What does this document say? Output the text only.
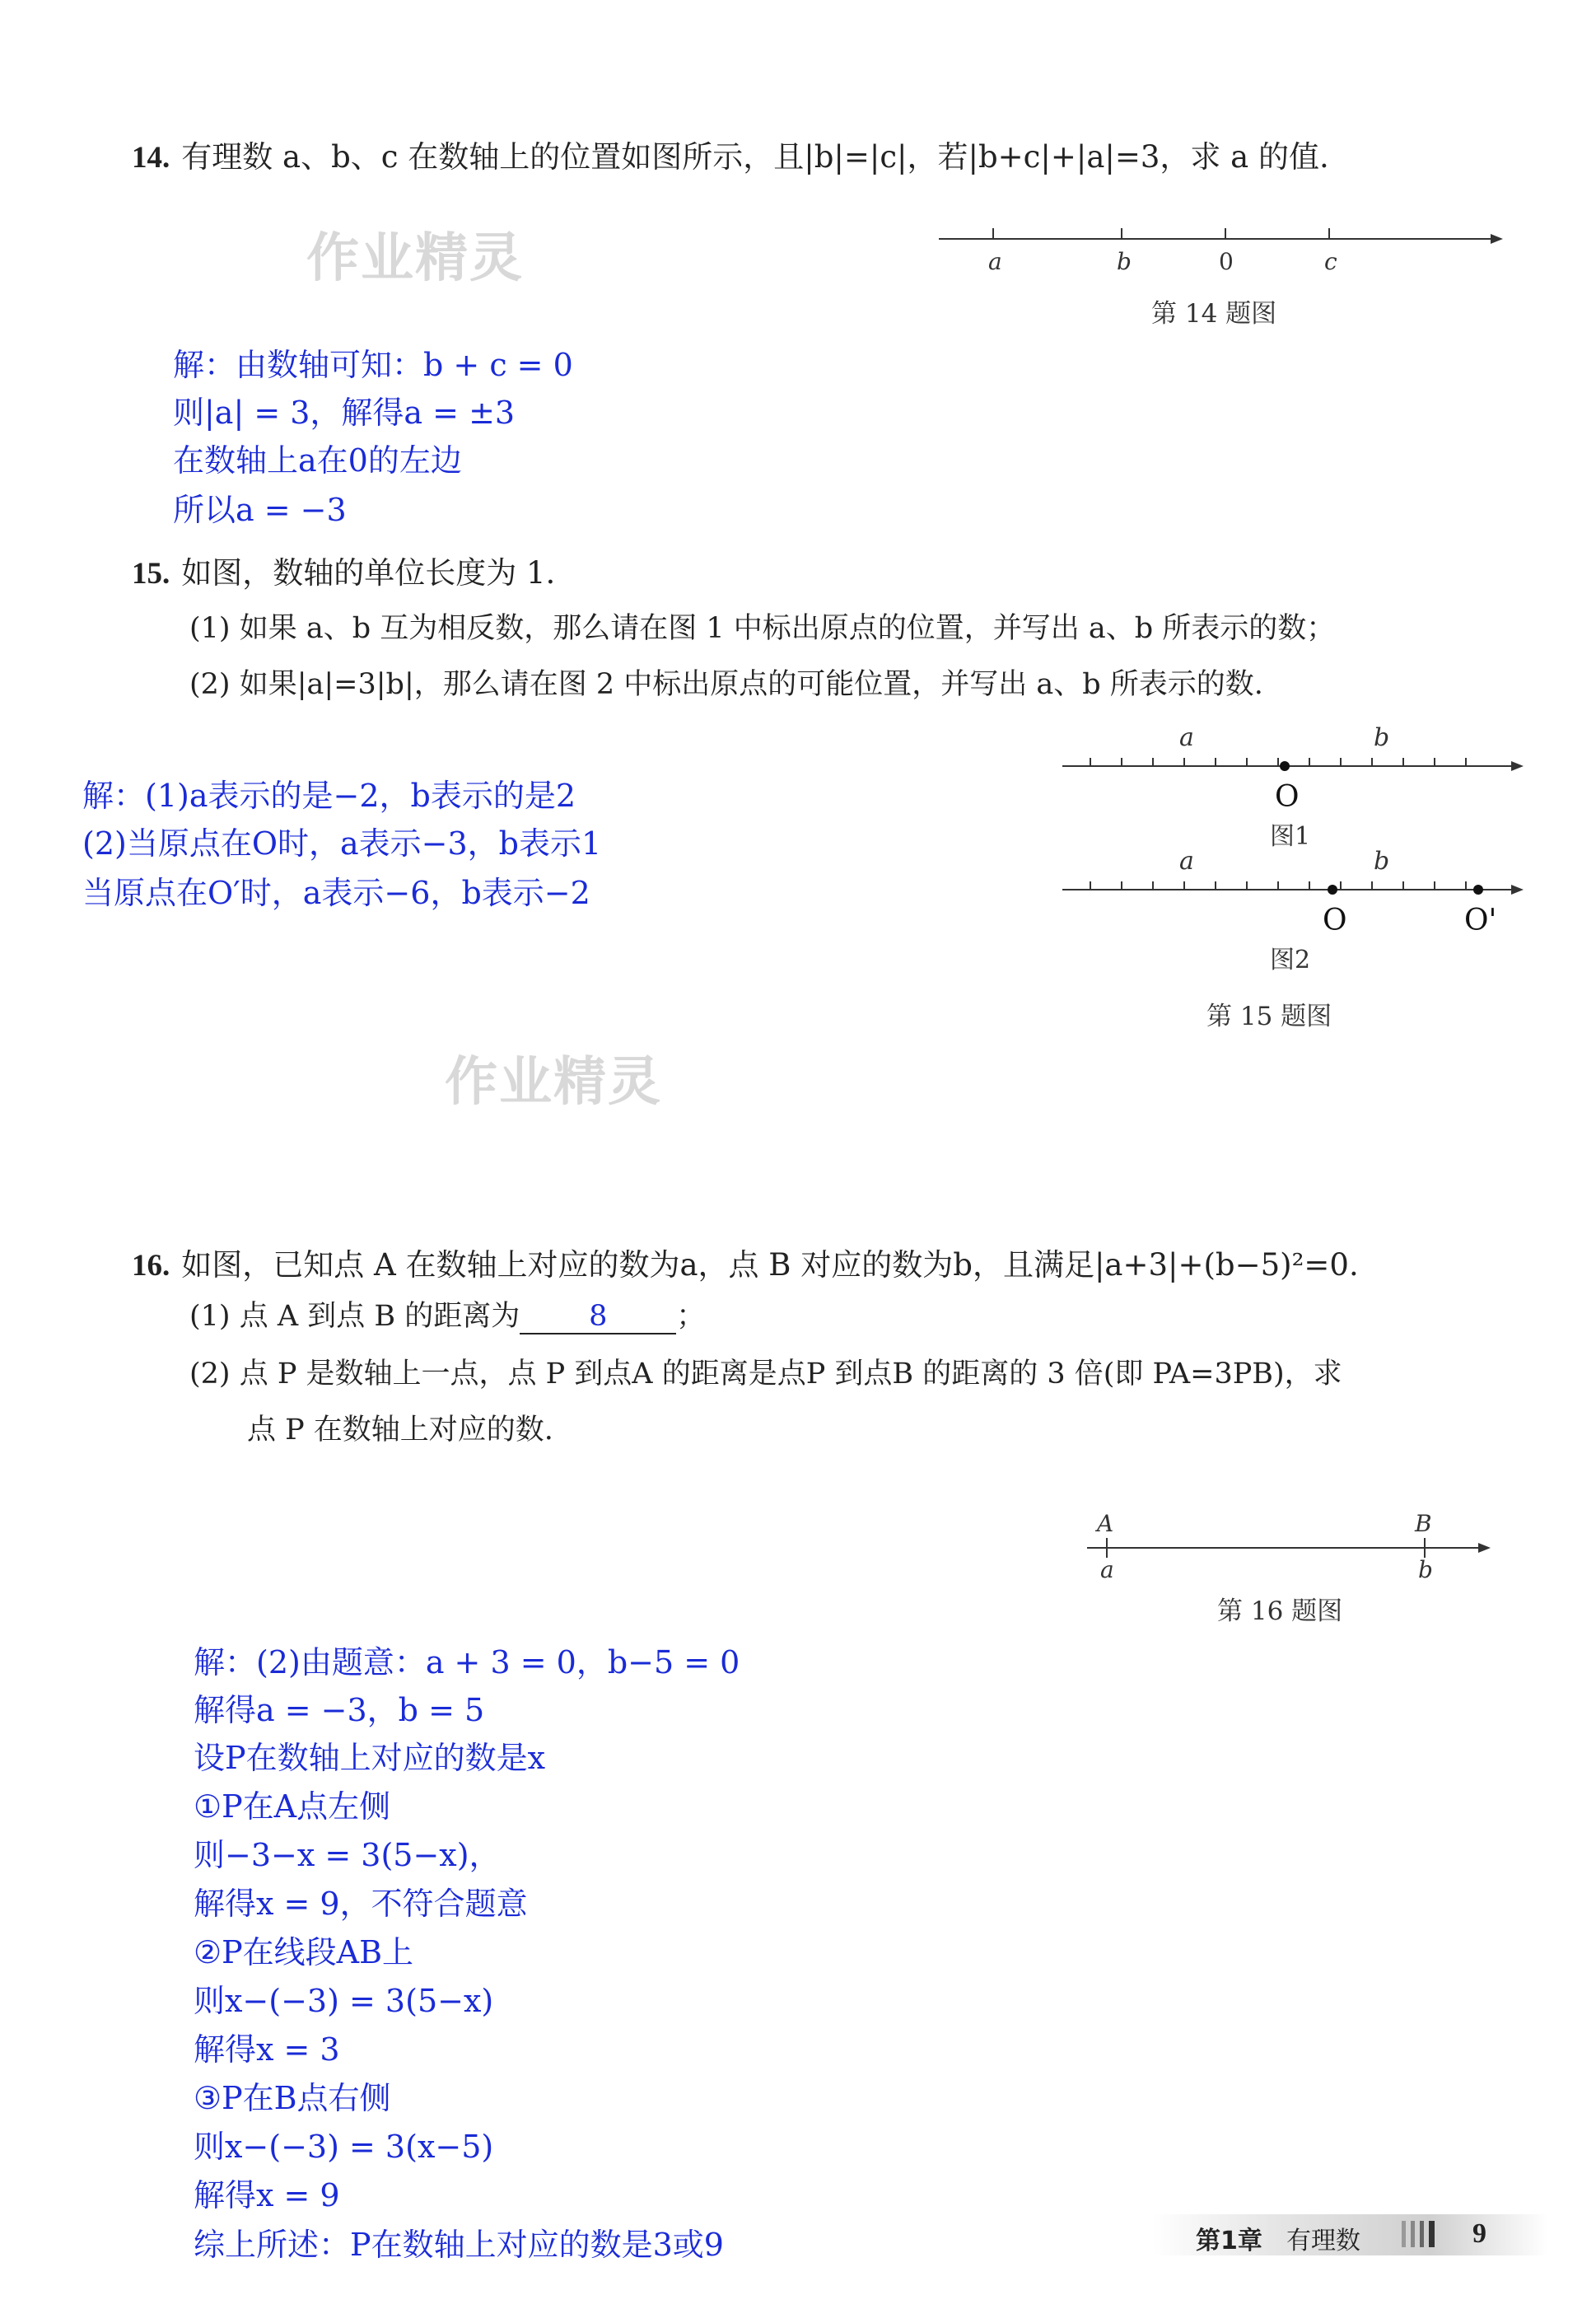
作业精灵
作业精灵
14. 有理数 a、b、c 在数轴上的位置如图所示，且|b|=|c|，若|b+c|+|a|=3，求 a 的值.
a	b	0	c
第 14 题图
解：由数轴可知：b + c = 0
则|a| = 3，解得a = ±3
在数轴上a在0的左边
所以a = −3
15. 如图，数轴的单位长度为 1.
(1) 如果 a、b 互为相反数，那么请在图 1 中标出原点的位置，并写出 a、b 所表示的数；
(2) 如果|a|=3|b|，那么请在图 2 中标出原点的可能位置，并写出 a、b 所表示的数.
解：(1)a表示的是−2，b表示的是2
(2)当原点在O时，a表示−3，b表示1
当原点在O′时，a表示−6，b表示−2
a	b
O
图1
a	b
O	O'
图2
第 15 题图
16. 如图，已知点 A 在数轴上对应的数为a，点 B 对应的数为b，且满足|a+3|+(b−5)²=0.
(1) 点 A 到点 B 的距离为 8 ；
(2) 点 P 是数轴上一点，点 P 到点A 的距离是点P 到点B 的距离的 3 倍(即 PA=3PB)，求
点 P 在数轴上对应的数.
A	B
a	b
第 16 题图
解：(2)由题意：a + 3 = 0，b−5 = 0
解得a = −3，b = 5
设P在数轴上对应的数是x
①P在A点左侧
则−3−x = 3(5−x)，
解得x = 9，不符合题意
②P在线段AB上
则x−(−3) = 3(5−x)
解得x = 3
③P在B点右侧
则x−(−3) = 3(x−5)
解得x = 9
综上所述：P在数轴上对应的数是3或9	第1章 有理数	9
